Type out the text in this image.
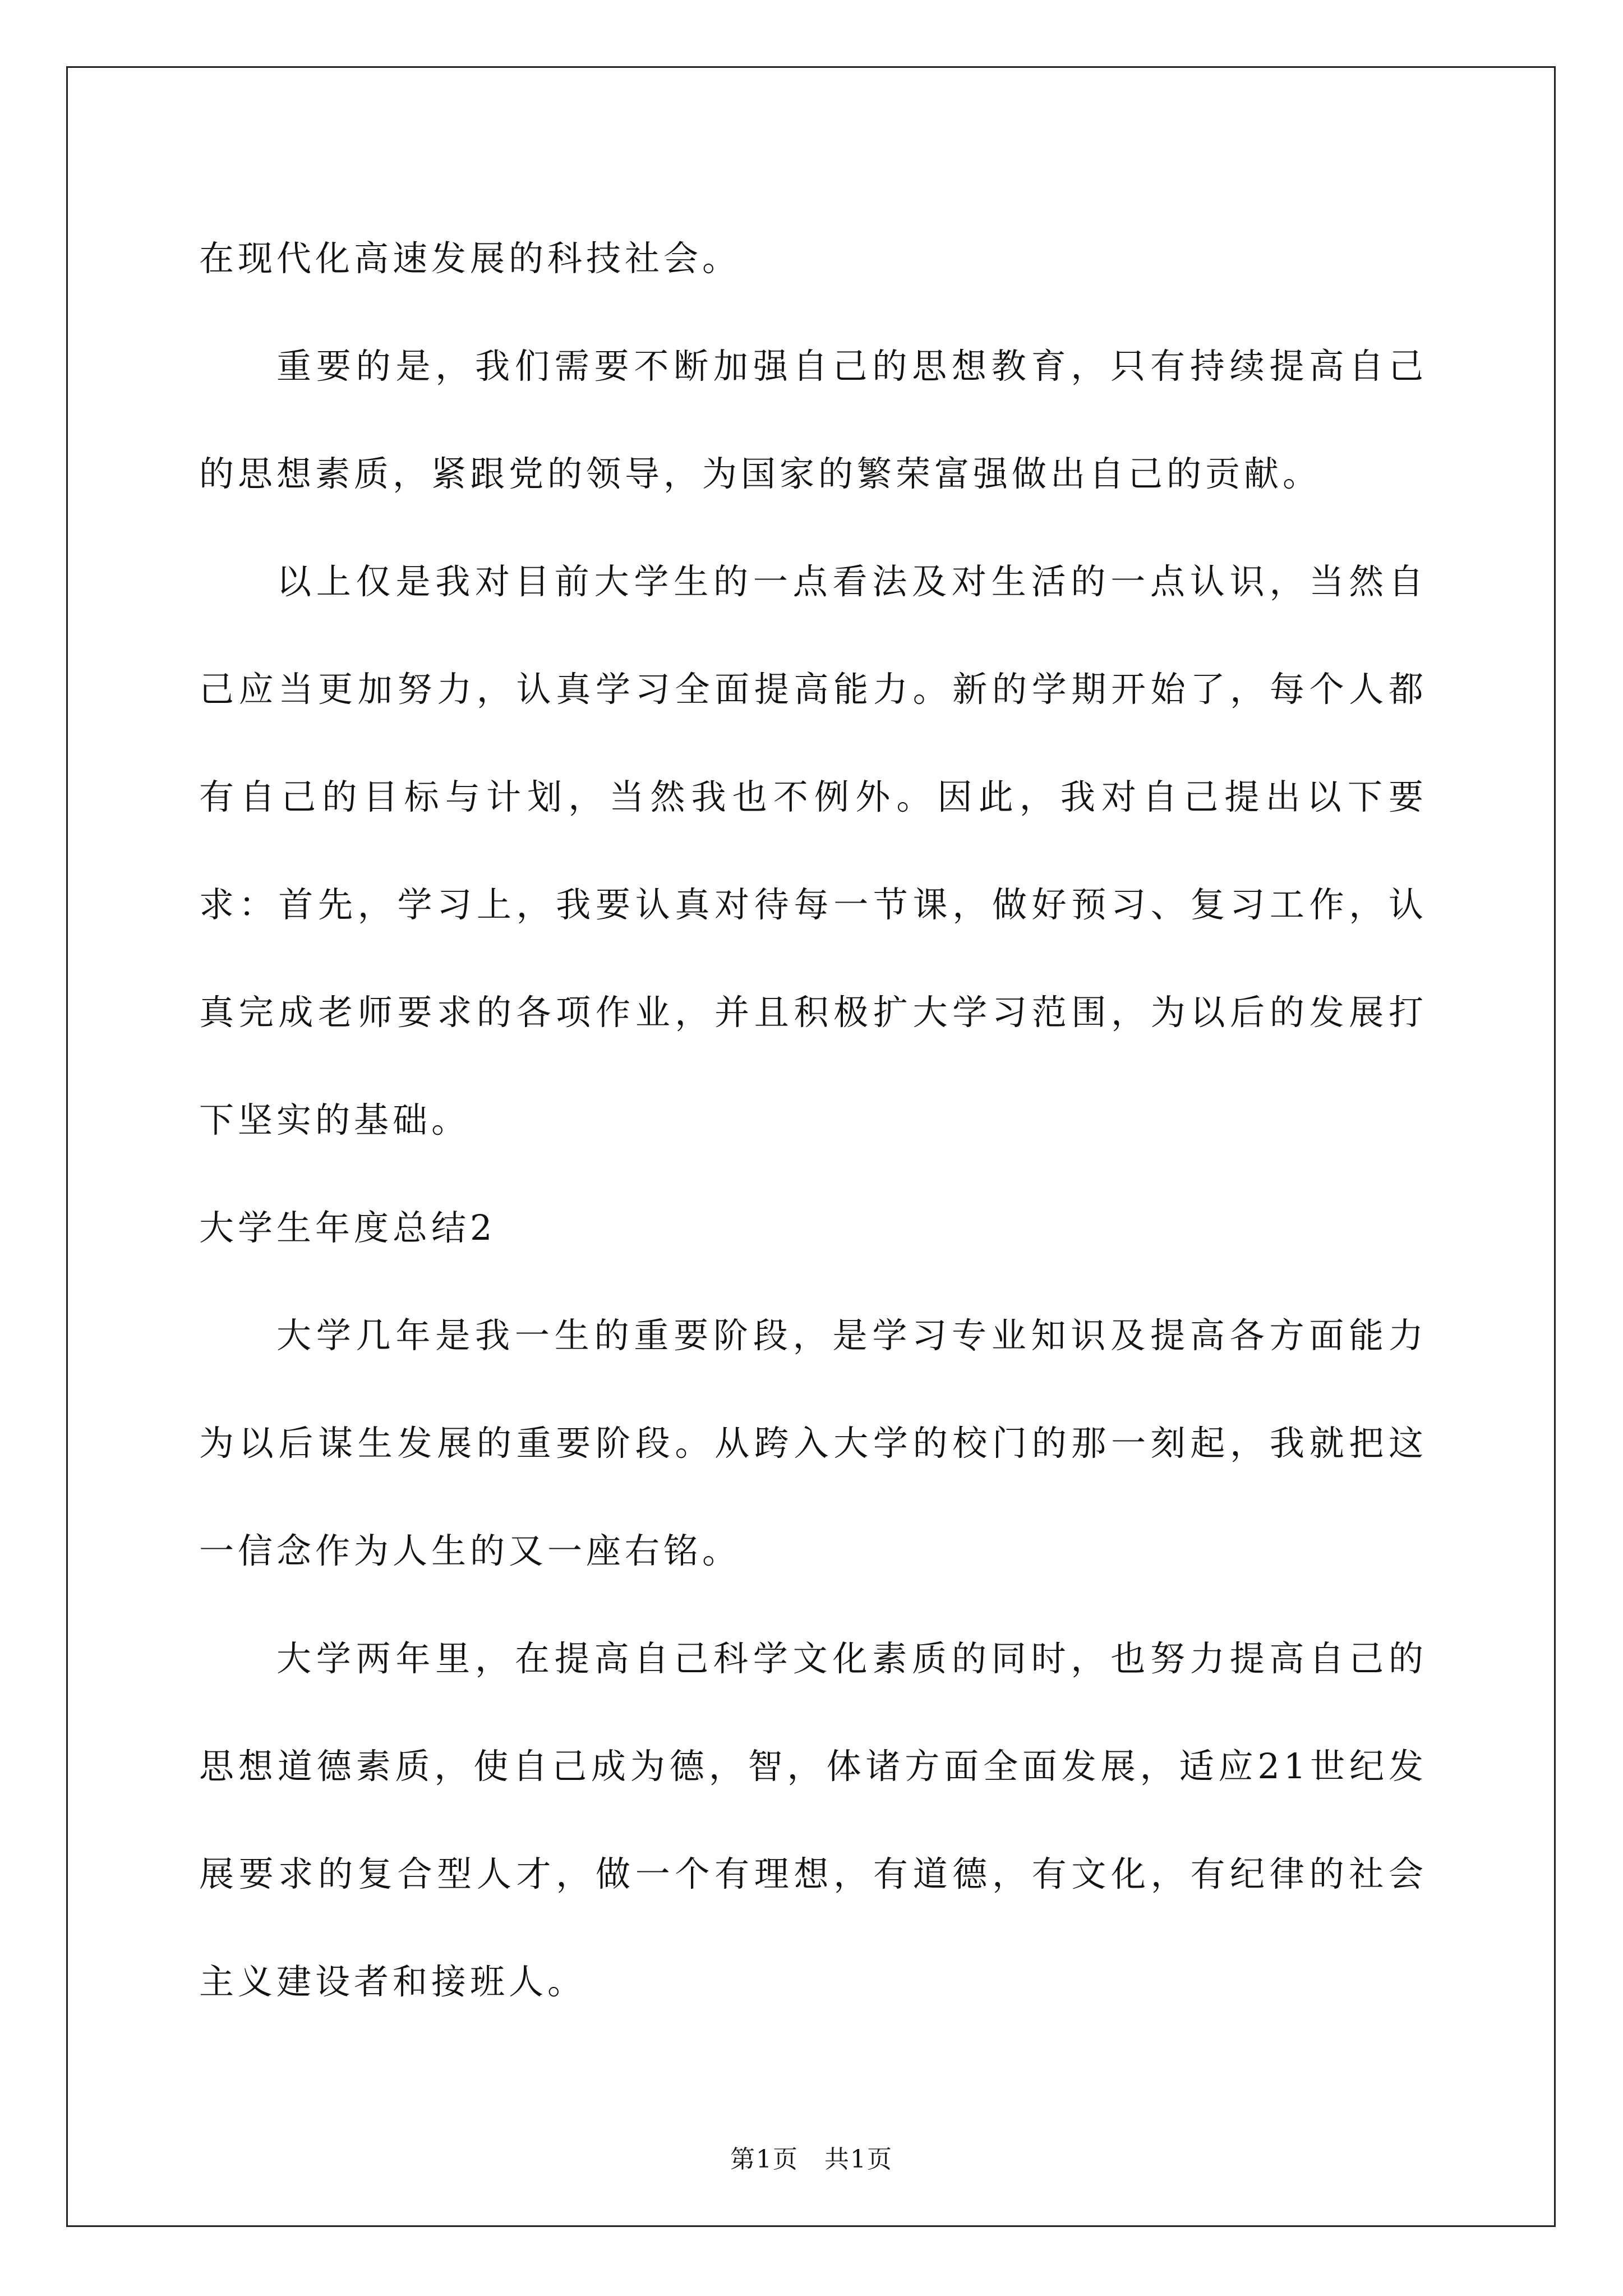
在现代化高速发展的科技社会。

重要的是，我们需要不断加强自己的思想教育，只有持续提高自己的思想素质，紧跟党的领导，为国家的繁荣富强做出自己的贡献。

以上仅是我对目前大学生的一点看法及对生活的一点认识，当然自己应当更加努力，认真学习全面提高能力。新的学期开始了，每个人都有自己的目标与计划，当然我也不例外。因此，我对自己提出以下要求：首先，学习上，我要认真对待每一节课，做好预习、复习工作，认真完成老师要求的各项作业，并且积极扩大学习范围，为以后的发展打下坚实的基础。

大学生年度总结2

大学几年是我一生的重要阶段，是学习专业知识及提高各方面能力为以后谋生发展的重要阶段。从跨入大学的校门的那一刻起，我就把这一信念作为人生的又一座右铭。

大学两年里，在提高自己科学文化素质的同时，也努力提高自己的思想道德素质，使自己成为德，智，体诸方面全面发展，适应21世纪发展要求的复合型人才，做一个有理想，有道德，有文化，有纪律的社会主义建设者和接班人。

第1页　共1页
